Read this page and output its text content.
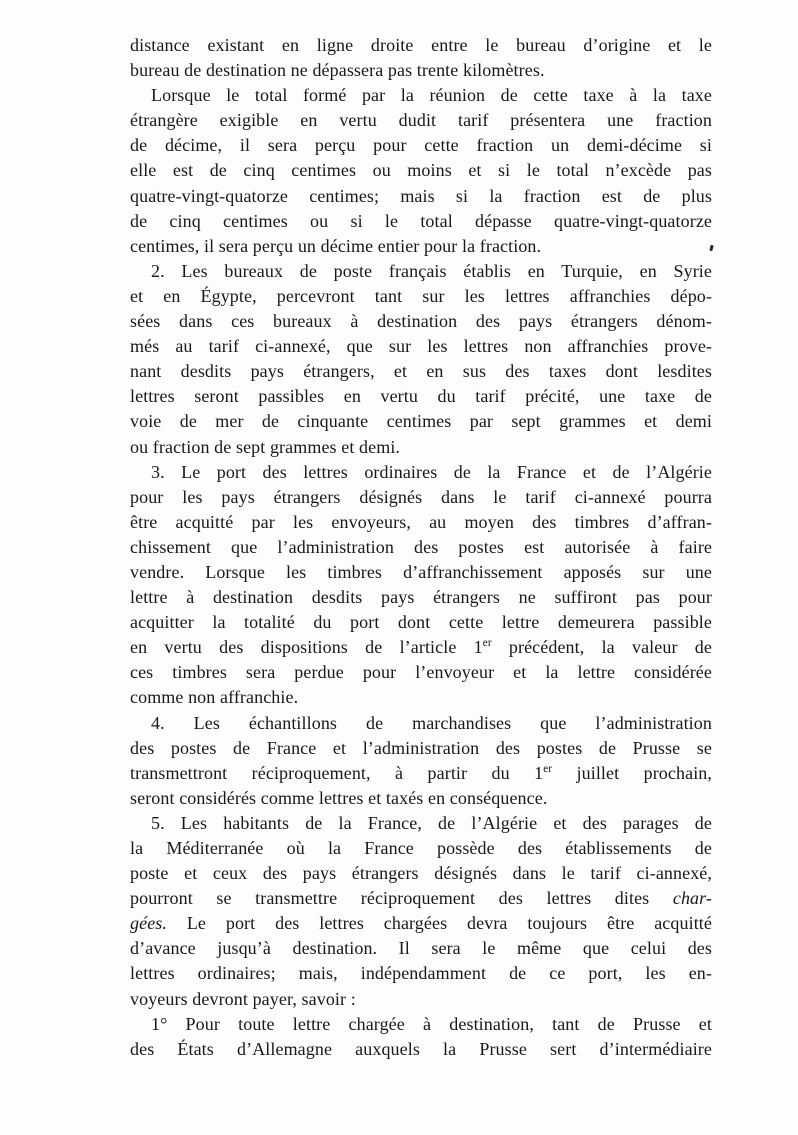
distance existant en ligne droite entre le bureau d’origine et le
bureau de destination ne dépassera pas trente kilomètres.
Lorsque le total formé par la réunion de cette taxe à la taxe
étrangère exigible en vertu dudit tarif présentera une fraction
de décime, il sera perçu pour cette fraction un demi-décime si
elle est de cinq centimes ou moins et si le total n’excède pas
quatre-vingt-quatorze centimes; mais si la fraction est de plus
de cinq centimes ou si le total dépasse quatre-vingt-quatorze
centimes, il sera perçu un décime entier pour la fraction.
2. Les bureaux de poste français établis en Turquie, en Syrie
et en Égypte, percevront tant sur les lettres affranchies dépo-
sées dans ces bureaux à destination des pays étrangers dénom-
més au tarif ci-annexé, que sur les lettres non affranchies prove-
nant desdits pays étrangers, et en sus des taxes dont lesdites
lettres seront passibles en vertu du tarif précité, une taxe de
voie de mer de cinquante centimes par sept grammes et demi
ou fraction de sept grammes et demi.
3. Le port des lettres ordinaires de la France et de l’Algérie
pour les pays étrangers désignés dans le tarif ci-annexé pourra
être acquitté par les envoyeurs, au moyen des timbres d’affran-
chissement que l’administration des postes est autorisée à faire
vendre. Lorsque les timbres d’affranchissement apposés sur une
lettre à destination desdits pays étrangers ne suffiront pas pour
acquitter la totalité du port dont cette lettre demeurera passible
en vertu des dispositions de l’article 1er précédent, la valeur de
ces timbres sera perdue pour l’envoyeur et la lettre considérée
comme non affranchie.
4. Les échantillons de marchandises que l’administration
des postes de France et l’administration des postes de Prusse se
transmettront réciproquement, à partir du 1er juillet prochain,
seront considérés comme lettres et taxés en conséquence.
5. Les habitants de la France, de l’Algérie et des parages de
la Méditerranée où la France possède des établissements de
poste et ceux des pays étrangers désignés dans le tarif ci-annexé,
pourront se transmettre réciproquement des lettres dites char-
gées. Le port des lettres chargées devra toujours être acquitté
d’avance jusqu’à destination. Il sera le même que celui des
lettres ordinaires; mais, indépendamment de ce port, les en-
voyeurs devront payer, savoir :
1° Pour toute lettre chargée à destination, tant de Prusse et
des États d’Allemagne auxquels la Prusse sert d’intermédiaire
